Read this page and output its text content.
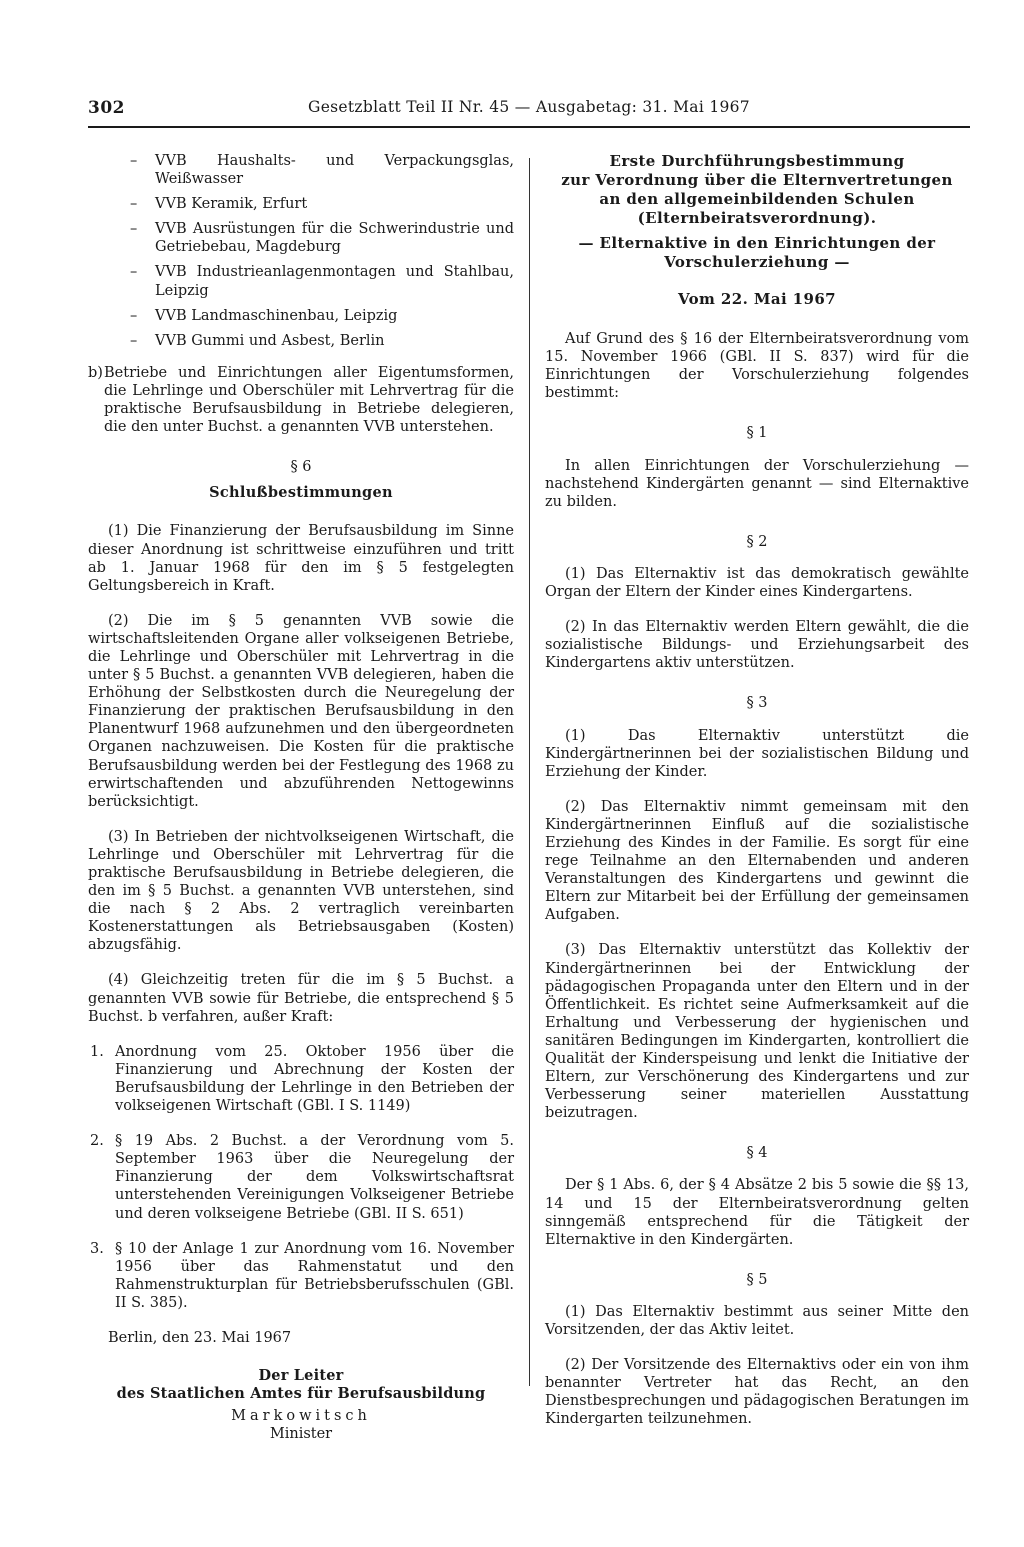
302	Gesetzblatt Teil II Nr. 45 — Ausgabetag: 31. Mai 1967
– VVB Haushalts- und Verpackungsglas, Weißwasser
– VVB Keramik, Erfurt
– VVB Ausrüstungen für die Schwerindustrie und Getriebebau, Magdeburg
– VVB Industrieanlagenmontagen und Stahlbau, Leipzig
– VVB Landmaschinenbau, Leipzig
– VVB Gummi und Asbest, Berlin
b) Betriebe und Einrichtungen aller Eigentumsformen, die Lehrlinge und Oberschüler mit Lehrvertrag für die praktische Berufsausbildung in Betriebe delegieren, die den unter Buchst. a genannten VVB unterstehen.
§ 6
Schlußbestimmungen

(1) Die Finanzierung der Berufsausbildung im Sinne dieser Anordnung ist schrittweise einzuführen und tritt ab 1. Januar 1968 für den im § 5 festgelegten Geltungsbereich in Kraft.

(2) Die im § 5 genannten VVB sowie die wirtschaftsleitenden Organe aller volkseigenen Betriebe, die Lehrlinge und Oberschüler mit Lehrvertrag in die unter § 5 Buchst. a genannten VVB delegieren, haben die Erhöhung der Selbstkosten durch die Neuregelung der Finanzierung der praktischen Berufsausbildung in den Planentwurf 1968 aufzunehmen und den übergeordneten Organen nachzuweisen. Die Kosten für die praktische Berufsausbildung werden bei der Festlegung des 1968 zu erwirtschaftenden und abzuführenden Nettogewinns berücksichtigt.

(3) In Betrieben der nichtvolkseigenen Wirtschaft, die Lehrlinge und Oberschüler mit Lehrvertrag für die praktische Berufsausbildung in Betriebe delegieren, die den im § 5 Buchst. a genannten VVB unterstehen, sind die nach § 2 Abs. 2 vertraglich vereinbarten Kostenerstattungen als Betriebsausgaben (Kosten) abzugsfähig.

(4) Gleichzeitig treten für die im § 5 Buchst. a genannten VVB sowie für Betriebe, die entsprechend § 5 Buchst. b verfahren, außer Kraft:

1. Anordnung vom 25. Oktober 1956 über die Finanzierung und Abrechnung der Kosten der Berufsausbildung der Lehrlinge in den Betrieben der volkseigenen Wirtschaft (GBl. I S. 1149)
2. § 19 Abs. 2 Buchst. a der Verordnung vom 5. September 1963 über die Neuregelung der Finanzierung der dem Volkswirtschaftsrat unterstehenden Vereinigungen Volkseigener Betriebe und deren volkseigene Betriebe (GBl. II S. 651)
3. § 10 der Anlage 1 zur Anordnung vom 16. November 1956 über das Rahmenstatut und den Rahmenstrukturplan für Betriebsberufsschulen (GBl. II S. 385).
Berlin, den 23. Mai 1967
Der Leiter
des Staatlichen Amtes für Berufsausbildung
Markowitsch
Minister
Erste Durchführungsbestimmung
zur Verordnung über die Elternvertretungen
an den allgemeinbildenden Schulen
(Elternbeiratsverordnung).
— Elternaktive in den Einrichtungen der
Vorschulerziehung —
Vom 22. Mai 1967

Auf Grund des § 16 der Elternbeiratsverordnung vom 15. November 1966 (GBl. II S. 837) wird für die Einrichtungen der Vorschulerziehung folgendes bestimmt:

§ 1

In allen Einrichtungen der Vorschulerziehung — nachstehend Kindergärten genannt — sind Elternaktive zu bilden.

§ 2

(1) Das Elternaktiv ist das demokratisch gewählte Organ der Eltern der Kinder eines Kindergartens.

(2) In das Elternaktiv werden Eltern gewählt, die die sozialistische Bildungs- und Erziehungsarbeit des Kindergartens aktiv unterstützen.

§ 3

(1) Das Elternaktiv unterstützt die Kindergärtnerinnen bei der sozialistischen Bildung und Erziehung der Kinder.

(2) Das Elternaktiv nimmt gemeinsam mit den Kindergärtnerinnen Einfluß auf die sozialistische Erziehung des Kindes in der Familie. Es sorgt für eine rege Teilnahme an den Elternabenden und anderen Veranstaltungen des Kindergartens und gewinnt die Eltern zur Mitarbeit bei der Erfüllung der gemeinsamen Aufgaben.

(3) Das Elternaktiv unterstützt das Kollektiv der Kindergärtnerinnen bei der Entwicklung der pädagogischen Propaganda unter den Eltern und in der Öffentlichkeit. Es richtet seine Aufmerksamkeit auf die Erhaltung und Verbesserung der hygienischen und sanitären Bedingungen im Kindergarten, kontrolliert die Qualität der Kinderspeisung und lenkt die Initiative der Eltern, zur Verschönerung des Kindergartens und zur Verbesserung seiner materiellen Ausstattung beizutragen.

§ 4

Der § 1 Abs. 6, der § 4 Absätze 2 bis 5 sowie die §§ 13, 14 und 15 der Elternbeiratsverordnung gelten sinngemäß entsprechend für die Tätigkeit der Elternaktive in den Kindergärten.

§ 5

(1) Das Elternaktiv bestimmt aus seiner Mitte den Vorsitzenden, der das Aktiv leitet.

(2) Der Vorsitzende des Elternaktivs oder ein von ihm benannter Vertreter hat das Recht, an den Dienstbesprechungen und pädagogischen Beratungen im Kindergarten teilzunehmen.
